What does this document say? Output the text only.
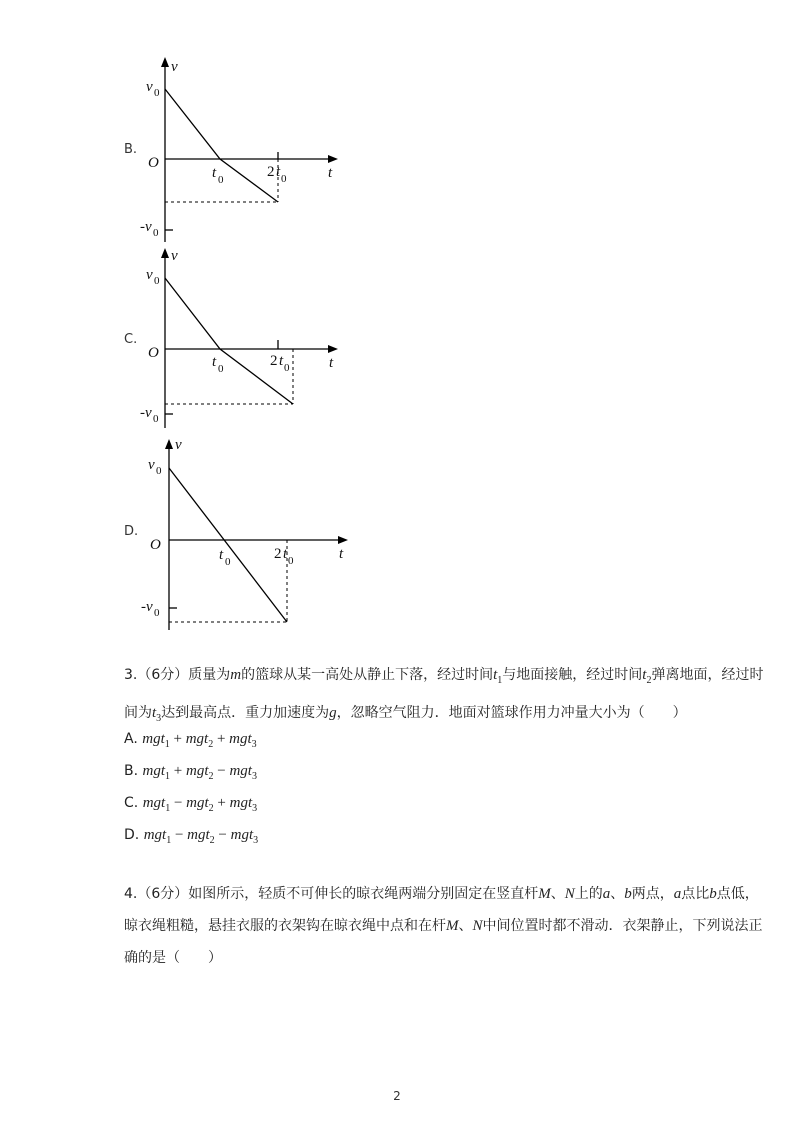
B.
v
t
O
v 0
-v 0
t 0	2 t 0
C.
v
t
O
v 0
-v 0
t 0	2 t 0
D.
v
t
O
v 0
-v 0
t 0	2 t 0
3.（6分）质量为m的篮球从某一高处从静止下落，经过时间$t_1$与地面接触，经过时间$t_2$弹离地面，经过时间为$t_3$达到最高点．重力加速度为g，忽略空气阻力．地面对篮球作用力冲量大小为（　　）
A. mgt$_1$ + mgt$_2$ + mgt$_3$
B. mgt$_1$ + mgt$_2$ − mgt$_3$
C. mgt$_1$ − mgt$_2$ + mgt$_3$
D. mgt$_1$ − mgt$_2$ − mgt$_3$
4.（6分）如图所示，轻质不可伸长的晾衣绳两端分别固定在竖直杆M、N上的a、b两点，a点比b点低，晾衣绳粗糙，悬挂衣服的衣架钩在晾衣绳中点和在杆M、N中间位置时都不滑动．衣架静止，下列说法正确的是（　　）
2
